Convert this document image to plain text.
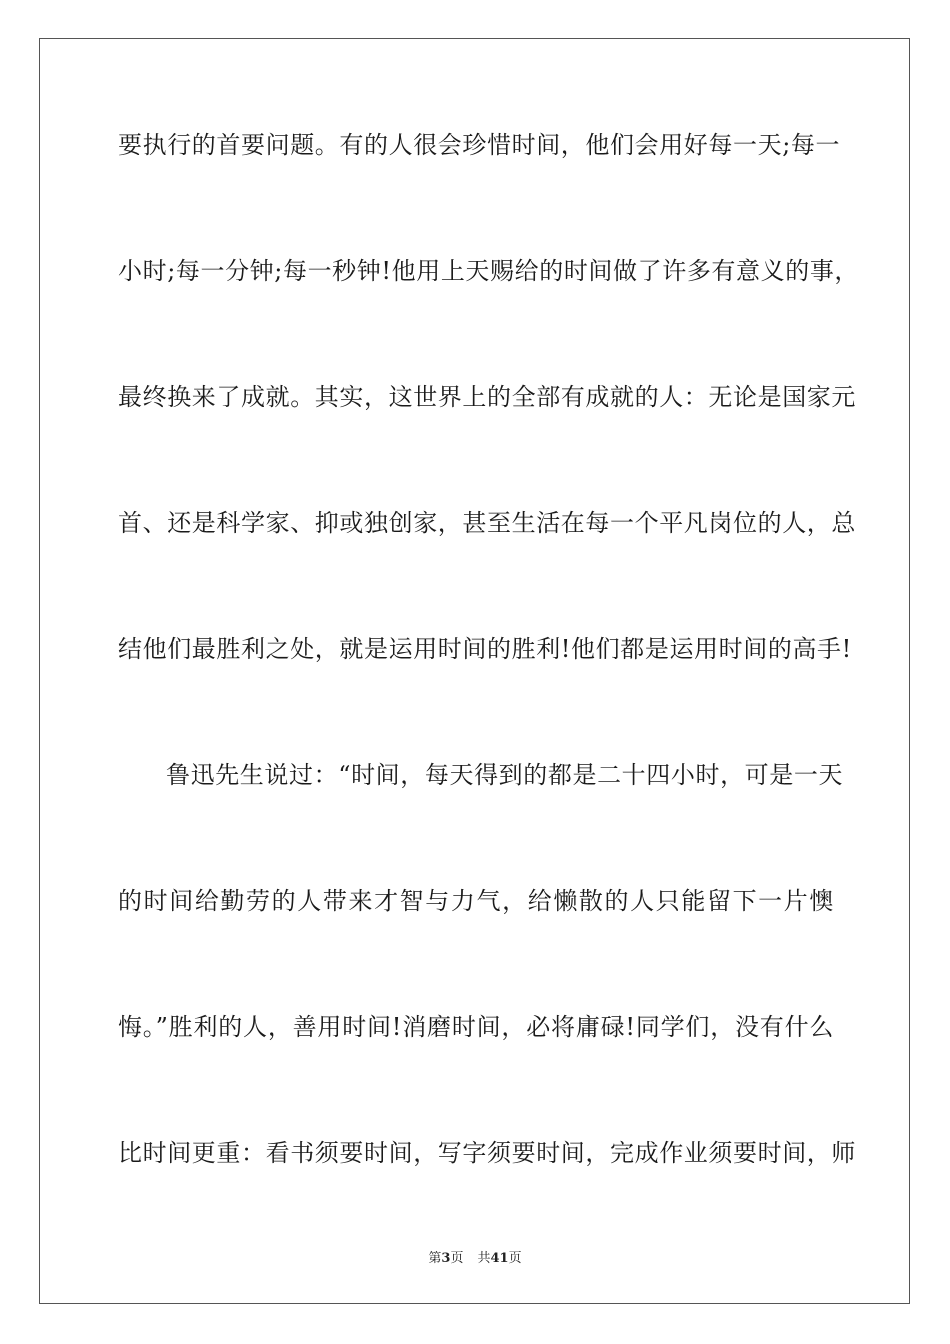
要执行的首要问题。有的人很会珍惜时间，他们会用好每一天;每一
小时;每一分钟;每一秒钟!他用上天赐给的时间做了许多有意义的事，
最终换来了成就。其实，这世界上的全部有成就的人：无论是国家元
首、还是科学家、抑或独创家，甚至生活在每一个平凡岗位的人，总
结他们最胜利之处，就是运用时间的胜利!他们都是运用时间的高手!
鲁迅先生说过：“时间，每天得到的都是二十四小时，可是一天
的时间给勤劳的人带来才智与力气，给懒散的人只能留下一片懊
悔。”胜利的人，善用时间!消磨时间，必将庸碌!同学们，没有什么
比时间更重：看书须要时间，写字须要时间，完成作业须要时间，师
第3页 共41页
